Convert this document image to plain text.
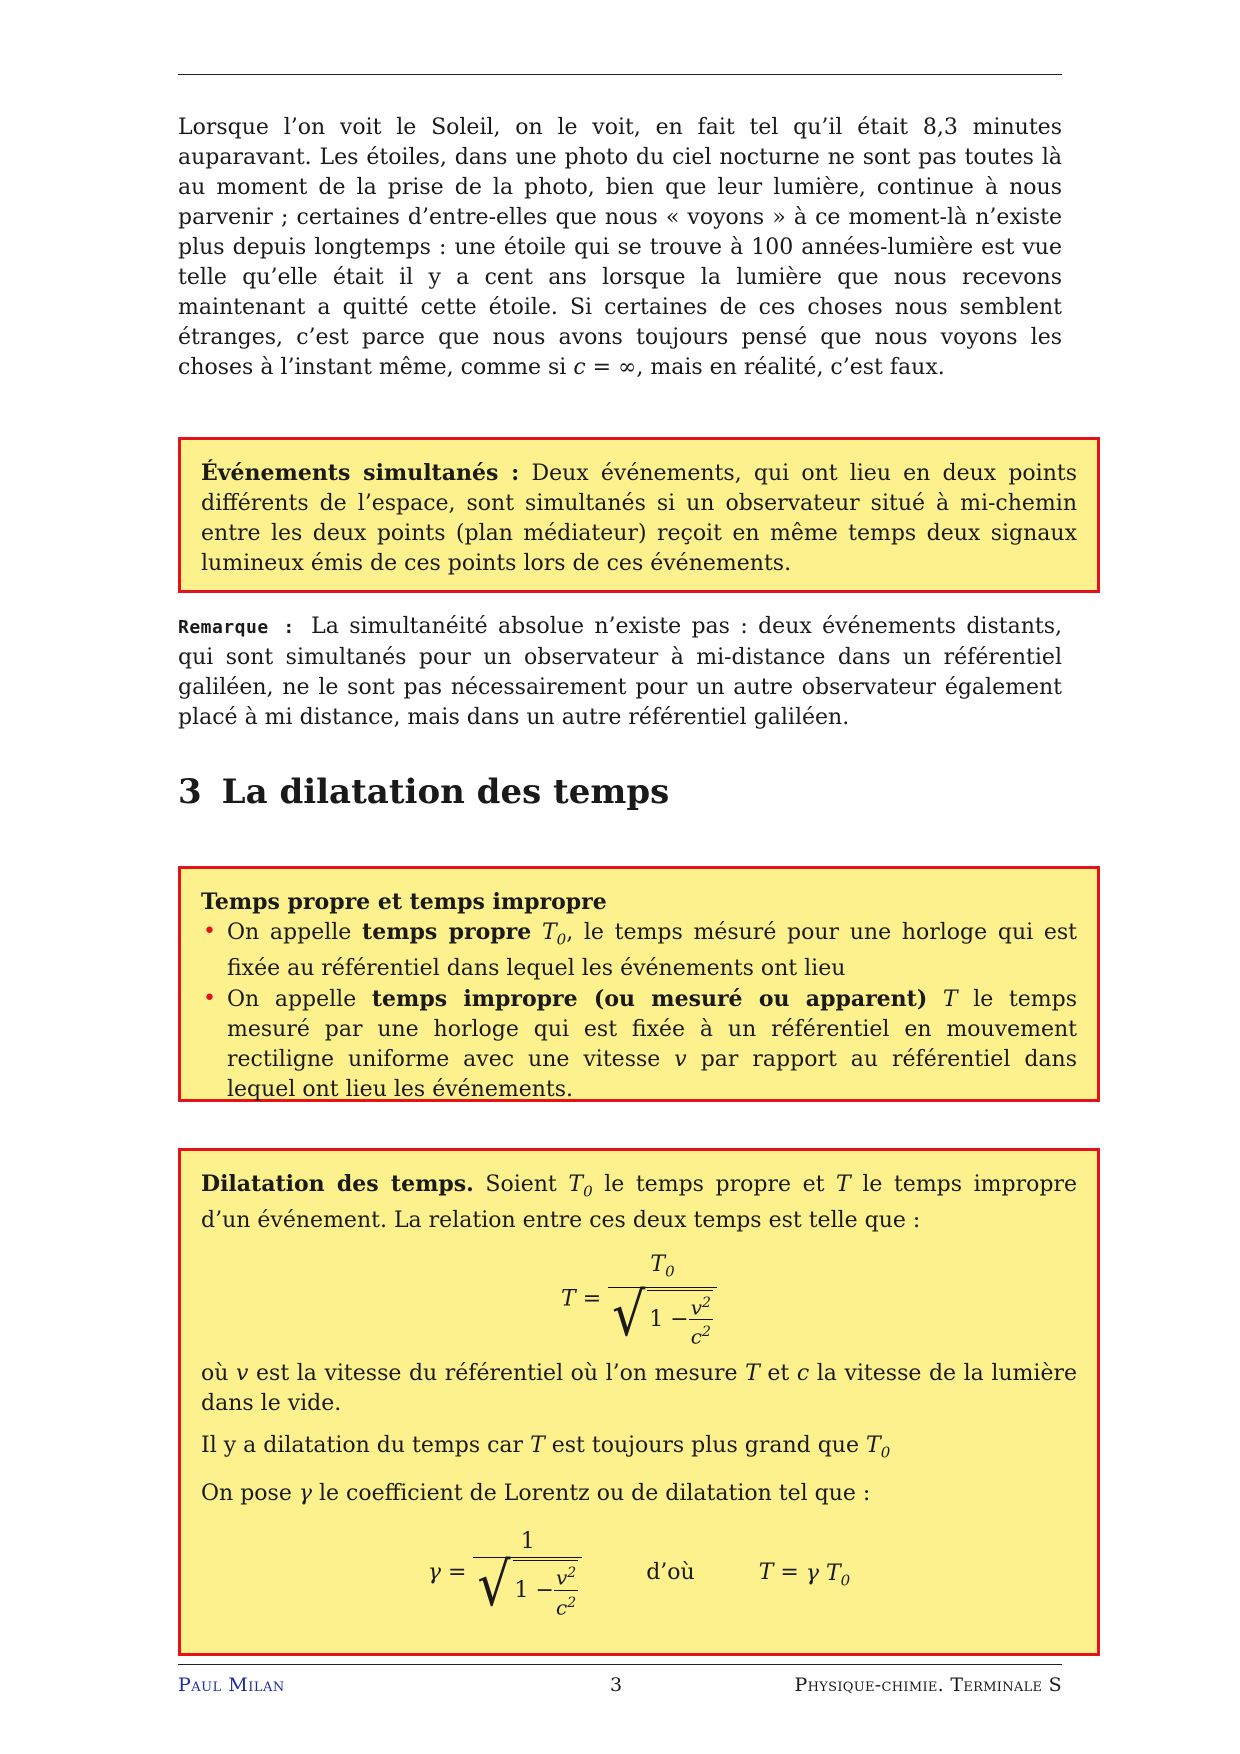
Lorsque l’on voit le Soleil, on le voit, en fait tel qu’il était 8,3 minutes auparavant. Les étoiles, dans une photo du ciel nocturne ne sont pas toutes là au moment de la prise de la photo, bien que leur lumière, continue à nous parvenir ; certaines d’entre-elles que nous « voyons » à ce moment-là n’existe plus depuis longtemps : une étoile qui se trouve à 100 années-lumière est vue telle qu’elle était il y a cent ans lorsque la lumière que nous recevons maintenant a quitté cette étoile. Si certaines de ces choses nous semblent étranges, c’est parce que nous avons toujours pensé que nous voyons les choses à l’instant même, comme si c = ∞, mais en réalité, c’est faux.

Événements simultanés : Deux événements, qui ont lieu en deux points différents de l’espace, sont simultanés si un observateur situé à mi-chemin entre les deux points (plan médiateur) reçoit en même temps deux signaux lumineux émis de ces points lors de ces événements.

Remarque : La simultanéité absolue n’existe pas : deux événements distants, qui sont simultanés pour un observateur à mi-distance dans un référentiel galiléen, ne le sont pas nécessairement pour un autre observateur également placé à mi distance, mais dans un autre référentiel galiléen.
3 La dilatation des temps

Temps propre et temps impropre

• On appelle temps propre $T_0$, le temps mésuré pour une horloge qui est fixée au référentiel dans lequel les événements ont lieu
• On appelle temps impropre (ou mesuré ou apparent) T le temps mesuré par une horloge qui est fixée à un référentiel en mouvement rectiligne uniforme avec une vitesse v par rapport au référentiel dans lequel ont lieu les événements.

Dilatation des temps. Soient $T_0$ le temps propre et T le temps impropre d’un événement. La relation entre ces deux temps est telle que :

T =
$T_0$
√ $1 - \frac{v^2}{c^2}$

où v est la vitesse du référentiel où l’on mesure T et c la vitesse de la lumière dans le vide.

Il y a dilatation du temps car T est toujours plus grand que $T_0$

On pose γ le coefficient de Lorentz ou de dilatation tel que :

γ =
1
√ $1 - \frac{v^2}{c^2}$	d’où	T = γ $T_0$
Paul Milan	3	Physique-chimie. Terminale S
